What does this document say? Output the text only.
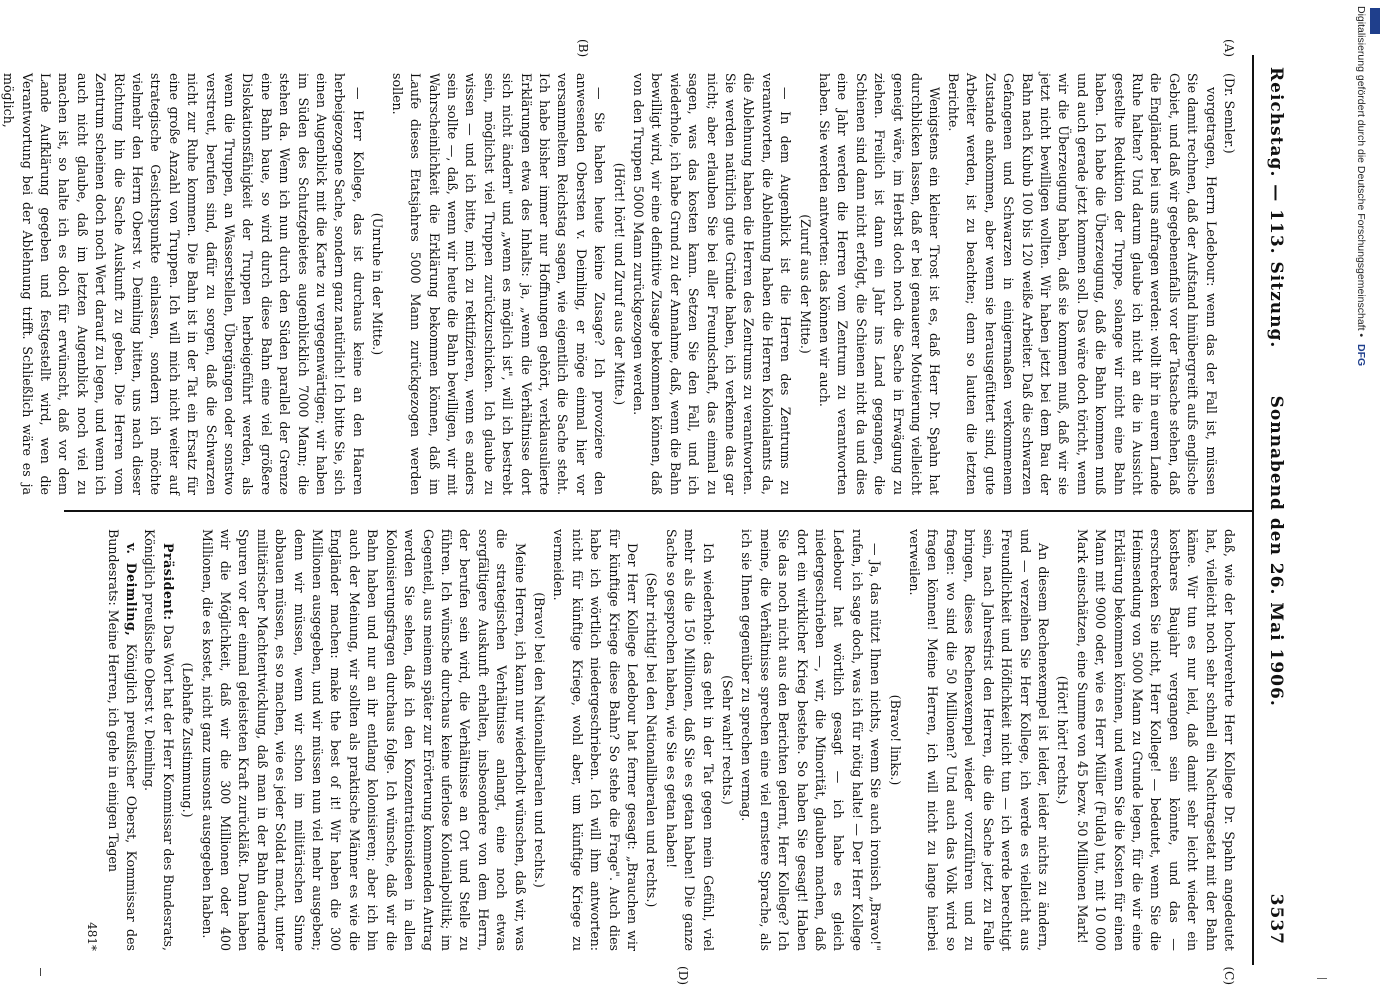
Reichstag. — 113. Sitzung.
Sonnabend den 26. Mai 1906. 3537

(Dr. Semler.)

vorgetragen, Herrn Ledebour: wenn das der Fall ist, müssen Sie damit rechnen, daß der Aufstand hinübergreift aufs englische Gebiet, und daß wir gegebenenfalls vor der Tatsache stehen, daß die Engländer bei uns anfragen werden: wollt ihr in eurem Lande Ruhe halten? Und darum glaube ich nicht an die in Aussicht gestellte Reduktion der Truppe, solange wir nicht eine Bahn haben. Ich habe die Überzeugung, daß die Bahn kommen muß und auch gerade jetzt kommen soll. Das wäre doch töricht, wenn wir die Überzeugung haben, daß sie kommen muß, daß wir sie jetzt nicht bewilligen wollten. Wir haben jetzt bei dem Bau der Bahn nach Kubub 100 bis 120 weiße Arbeiter. Daß die schwarzen Gefangenen und Schwarzen in einigermaßen verkommenem Zustande ankommen, aber wenn sie herausgefüttert sind, gute Arbeiter werden, ist zu beachten; denn so lauten die letzten Berichte.

Wenigstens ein kleiner Trost ist es, daß Herr Dr. Spahn hat durchblicken lassen, daß er bei genauerer Motivierung vielleicht geneigt wäre, im Herbst doch noch die Sache in Erwägung zu ziehen. Freilich ist dann ein Jahr ins Land gegangen, die Schienen sind dann nicht erfolgt, die Schienen nicht da und dies eine Jahr werden die Herren vom Zentrum zu verantworten haben. Sie werden antworten: das können wir auch.

(Zuruf aus der Mitte.)

— In dem Augenblick ist die Herren des Zentrums zu verantworten, die Ablehnung haben die Herren Kolonialamts da, die Ablehnung haben die Herren des Zentrums zu verantworten. Sie werden natürlich gute Gründe haben, ich verkenne das gar nicht; aber erlauben Sie bei aller Freundschaft, das einmal zu sagen, was das kosten kann. Setzen Sie den Fall, und ich wiederhole, ich habe Grund zu der Annahme, daß, wenn die Bahn bewilligt wird, wir eine definitive Zusage bekommen können, daß von den Truppen 5000 Mann zurückgezogen werden.

(Hört! hört! und Zuruf aus der Mitte.)

— Sie haben heute keine Zusage? Ich provoziere den anwesenden Obersten v. Deimling, er möge einmal hier vor versammeltem Reichstag sagen, wie eigentlich die Sache steht. Ich habe bisher immer nur Hoffnungen gehört, verklausulierte Erklärungen etwa des Inhalts: ja, „wenn die Verhältnisse dort sich nicht ändern" und „wenn es möglich ist", will ich bestrebt sein, möglichst viel Truppen zurückzuschicken. Ich glaube zu wissen — und ich bitte, mich zu rektifizieren, wenn es anders sein sollte —, daß, wenn wir heute die Bahn bewilligen, wir mit Wahrscheinlichkeit die Erklärung bekommen können, daß im Laufe dieses Etatsjahres 5000 Mann zurückgezogen werden sollen.

(Unruhe in der Mitte.)

— Herr Kollege, das ist durchaus keine an den Haaren herbeigezogene Sache, sondern ganz natürlich! Ich bitte Sie, sich einen Augenblick mit die Karte zu vergegenwärtigen; wir haben im Süden des Schutzgebietes augenblicklich 7000 Mann; die stehen da. Wenn ich nun durch den Süden parallel der Grenze eine Bahn baue, so wird durch diese Bahn eine viel größere Dislokationsfähigkeit der Truppen herbeigeführt werden, als wenn die Truppen, an Wasserstellen, Übergängen oder sonstwo verstreut, berufen sind, dafür zu sorgen, daß die Schwarzen nicht zur Ruhe kommen. Die Bahn ist in der Tat ein Ersatz für eine große Anzahl von Truppen. Ich will mich nicht weiter auf strategische Gesichtspunkte einlassen, sondern ich möchte vielmehr den Herrn Oberst v. Deimling bitten, uns nach dieser Richtung hin die Sache Auskunft zu geben. Die Herren vom Zentrum scheinen doch noch Wert darauf zu legen, und wenn ich auch nicht glaube, daß im letzten Augenblick noch viel zu machen ist, so halte ich es doch für erwünscht, daß vor dem Lande Aufklärung gegeben und festgestellt wird, wen die Verantwortung bei der Ablehnung trifft. Schließlich wäre es ja möglich,

daß, wie der hochverehrte Herr Kollege Dr. Spahn angedeutet hat, vielleicht noch sehr schnell ein Nachtragsetat mit der Bahn käme. Wir tun es nur leid, daß damit sehr leicht wieder ein kostbares Baujahr vergangen sein könnte, und das — erschrecken Sie nicht, Herr Kollege! — bedeutet, wenn Sie die Heimsendung von 5000 Mann zu Grunde legen, für die wir eine Erklärung bekommen können, und wenn Sie die Kosten für einen Mann mit 9000 oder, wie es Herr Müller (Fulda) tut, mit 10 000 Mark einschätzen, eine Summe von 45 bezw. 50 Millionen Mark!

(Hört! hört! rechts.)

An diesem Rechenexempel ist leider, leider nichts zu ändern, und — verzeihen Sie Herr Kollege, ich werde es vielleicht aus Freundlichkeit und Höflichkeit nicht tun — ich werde berechtigt sein, nach Jahresfrist den Herren, die die Sache jetzt zu Falle bringen, dieses Rechenexempel wieder vorzuführen und zu fragen: wo sind die 50 Millionen? Und auch das Volk wird so fragen können! Meine Herren, ich will nicht zu lange hierbei verweilen.

(Bravo! links.)

— Ja, das nützt Ihnen nichts, wenn Sie auch ironisch „Bravo!" rufen, ich sage doch, was ich für nötig halte! — Der Herr Kollege Ledebour hat wörtlich gesagt — ich habe es gleich niedergeschrieben —, wir, die Minorität, glauben machen, daß dort ein wirklicher Krieg bestehe. So haben Sie gesagt! Haben Sie das noch nicht aus den Berichten gelernt, Herr Kollege? Ich meine, die Verhältnisse sprechen eine viel ernstere Sprache, als ich sie Ihnen gegenüber zu sprechen vermag.

(Sehr wahr! rechts.)

Ich wiederhole: das geht in der Tat gegen mein Gefühl, viel mehr als die 150 Millionen, daß Sie es getan haben! Die ganze Sache so gesprochen haben, wie Sie es getan haben!

(Sehr richtig! bei den Nationalliberalen und rechts.)

Der Herr Kollege Ledebour hat ferner gesagt: „Brauchen wir für künftige Kriege diese Bahn? So stehe die Frage". Auch dies habe ich wörtlich niedergeschrieben. Ich will ihm antworten: nicht für künftige Kriege, wohl aber, um künftige Kriege zu vermeiden.

(Bravo! bei den Nationalliberalen und rechts.)

Meine Herren, ich kann nur wiederholt wünschen, daß wir, was die strategischen Verhältnisse anlangt, eine noch etwas sorgfältigere Auskunft erhalten, insbesondere von dem Herrn, der berufen sein wird, die Verhältnisse an Ort und Stelle zu führen. Ich wünsche durchaus keine uferlose Kolonialpolitik; im Gegenteil, aus meinem später zur Erörterung kommenden Antrag werden Sie sehen, daß ich den Konzentrationsideen in allen Kolonisierungsfragen durchaus folge. Ich wünsche, daß wir die Bahn haben und nur an ihr entlang kolonisieren; aber ich bin auch der Meinung, wir sollten als praktische Männer es wie die Engländer machen: make the best of it! Wir haben die 300 Millionen ausgegeben, und wir müssen nun viel mehr ausgeben; denn wir müssen, wenn wir schon im militärischen Sinne abbauen müssen, es so machen, wie es jeder Soldat macht, unter militärischer Machtentwicklung, daß man in der Bahn dauernde Spuren vor der einmal geleisteten Kraft zurückläßt. Dann haben wir die Möglichkeit, daß wir die 300 Millionen oder 400 Millionen, die es kostet, nicht ganz umsonst ausgegeben haben.

(Lebhafte Zustimmung.)

Präsident: Das Wort hat der Herr Kommissar des Bundesrats, Königlich preußische Oberst v. Deimling.

v. Deimling, Königlich preußischer Oberst, Kommissar des Bundesrats: Meine Herren, ich gehe in einigen Tagen

481*
(A)
(B)
(C)
(D)
Digitalisierung gefördert durch die Deutsche Forschungsgemeinschaft • DFG
